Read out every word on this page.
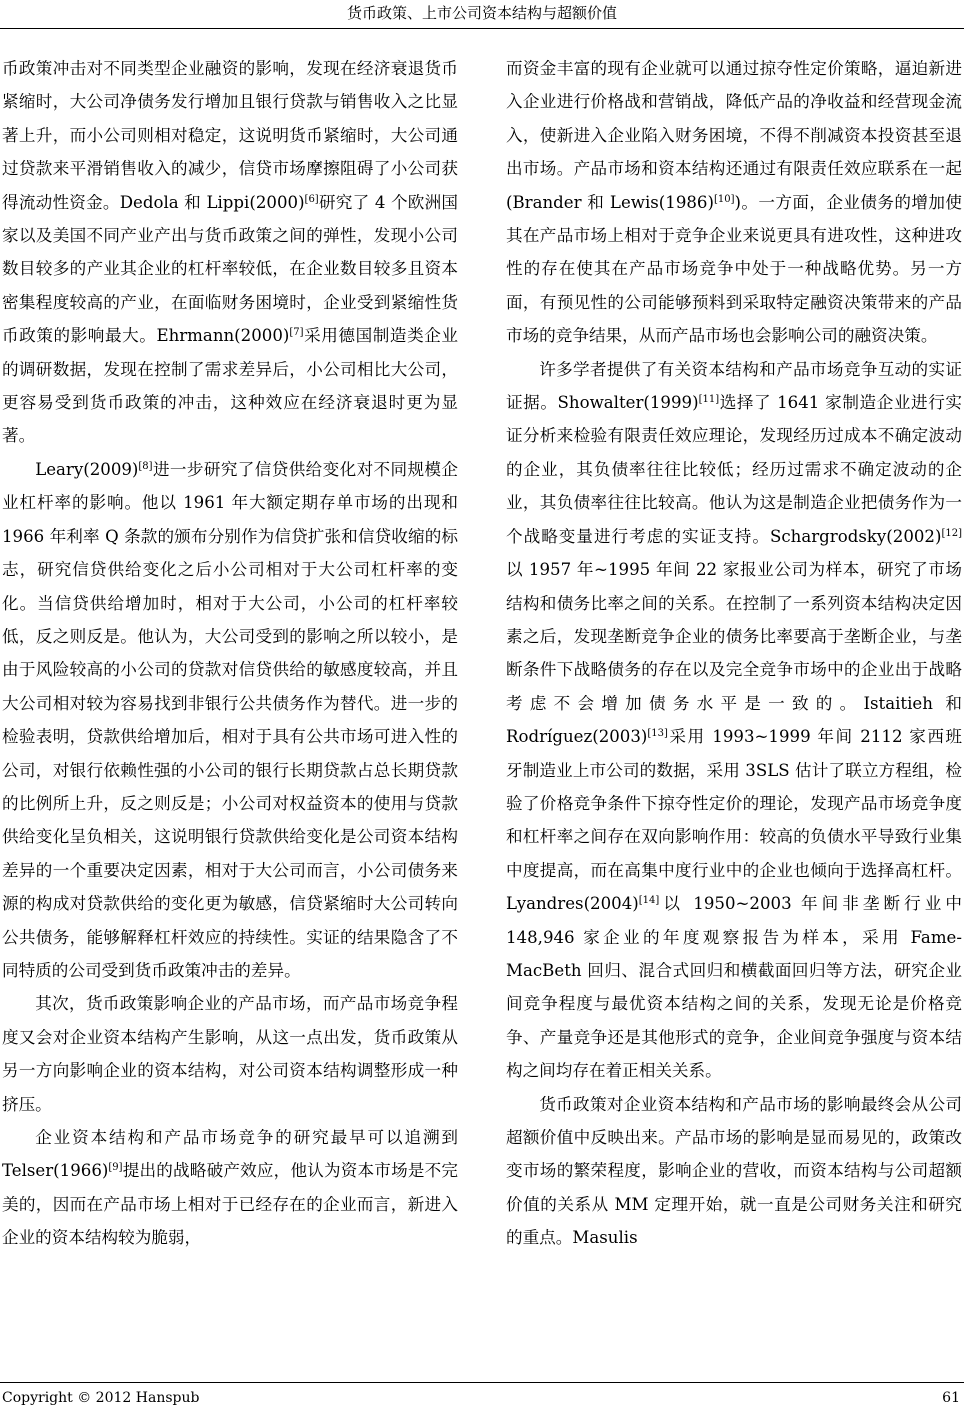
货币政策、上市公司资本结构与超额价值

币政策冲击对不同类型企业融资的影响，发现在经济衰退货币紧缩时，大公司净债务发行增加且银行贷款与销售收入之比显著上升，而小公司则相对稳定，这说明货币紧缩时，大公司通过贷款来平滑销售收入的减少，信贷市场摩擦阻碍了小公司获得流动性资金。Dedola 和 Lippi(2000)[6]研究了 4 个欧洲国家以及美国不同产业产出与货币政策之间的弹性，发现小公司数目较多的产业其企业的杠杆率较低，在企业数目较多且资本密集程度较高的产业，在面临财务困境时，企业受到紧缩性货币政策的影响最大。Ehrmann(2000)[7]采用德国制造类企业的调研数据，发现在控制了需求差异后，小公司相比大公司，更容易受到货币政策的冲击，这种效应在经济衰退时更为显著。

Leary(2009)[8]进一步研究了信贷供给变化对不同规模企业杠杆率的影响。他以 1961 年大额定期存单市场的出现和 1966 年利率 Q 条款的颁布分别作为信贷扩张和信贷收缩的标志，研究信贷供给变化之后小公司相对于大公司杠杆率的变化。当信贷供给增加时，相对于大公司，小公司的杠杆率较低，反之则反是。他认为，大公司受到的影响之所以较小，是由于风险较高的小公司的贷款对信贷供给的敏感度较高，并且大公司相对较为容易找到非银行公共债务作为替代。进一步的检验表明，贷款供给增加后，相对于具有公共市场可进入性的公司，对银行依赖性强的小公司的银行长期贷款占总长期贷款的比例所上升，反之则反是；小公司对权益资本的使用与贷款供给变化呈负相关，这说明银行贷款供给变化是公司资本结构差异的一个重要决定因素，相对于大公司而言，小公司债务来源的构成对贷款供给的变化更为敏感，信贷紧缩时大公司转向公共债务，能够解释杠杆效应的持续性。实证的结果隐含了不同特质的公司受到货币政策冲击的差异。

其次，货币政策影响企业的产品市场，而产品市场竞争程度又会对企业资本结构产生影响，从这一点出发，货币政策从另一方向影响企业的资本结构，对公司资本结构调整形成一种挤压。

企业资本结构和产品市场竞争的研究最早可以追溯到 Telser(1966)[9]提出的战略破产效应，他认为资本市场是不完美的，因而在产品市场上相对于已经存在的企业而言，新进入企业的资本结构较为脆弱，

而资金丰富的现有企业就可以通过掠夺性定价策略，逼迫新进入企业进行价格战和营销战，降低产品的净收益和经营现金流入，使新进入企业陷入财务困境，不得不削减资本投资甚至退出市场。产品市场和资本结构还通过有限责任效应联系在一起(Brander 和 Lewis(1986)[10])。一方面，企业债务的增加使其在产品市场上相对于竞争企业来说更具有进攻性，这种进攻性的存在使其在产品市场竞争中处于一种战略优势。另一方面，有预见性的公司能够预料到采取特定融资决策带来的产品市场的竞争结果，从而产品市场也会影响公司的融资决策。

许多学者提供了有关资本结构和产品市场竞争互动的实证证据。Showalter(1999)[11]选择了 1641 家制造企业进行实证分析来检验有限责任效应理论，发现经历过成本不确定波动的企业，其负债率往往比较低；经历过需求不确定波动的企业，其负债率往往比较高。他认为这是制造企业把债务作为一个战略变量进行考虑的实证支持。Schargrodsky(2002)[12]以 1957 年~1995 年间 22 家报业公司为样本，研究了市场结构和债务比率之间的关系。在控制了一系列资本结构决定因素之后，发现垄断竞争企业的债务比率要高于垄断企业，与垄断条件下战略债务的存在以及完全竞争市场中的企业出于战略考虑不会增加债务水平是一致的。Istaitieh 和 Rodríguez(2003)[13]采用 1993~1999 年间 2112 家西班牙制造业上市公司的数据，采用 3SLS 估计了联立方程组，检验了价格竞争条件下掠夺性定价的理论，发现产品市场竞争度和杠杆率之间存在双向影响作用：较高的负债水平导致行业集中度提高，而在高集中度行业中的企业也倾向于选择高杠杆。Lyandres(2004)[14]以 1950~2003 年间非垄断行业中 148,946 家企业的年度观察报告为样本，采用 Fame-MacBeth 回归、混合式回归和横截面回归等方法，研究企业间竞争程度与最优资本结构之间的关系，发现无论是价格竞争、产量竞争还是其他形式的竞争，企业间竞争强度与资本结构之间均存在着正相关关系。

货币政策对企业资本结构和产品市场的影响最终会从公司超额价值中反映出来。产品市场的影响是显而易见的，政策改变市场的繁荣程度，影响企业的营收，而资本结构与公司超额价值的关系从 MM 定理开始，就一直是公司财务关注和研究的重点。Masulis

Copyright © 2012 Hanspub	61
